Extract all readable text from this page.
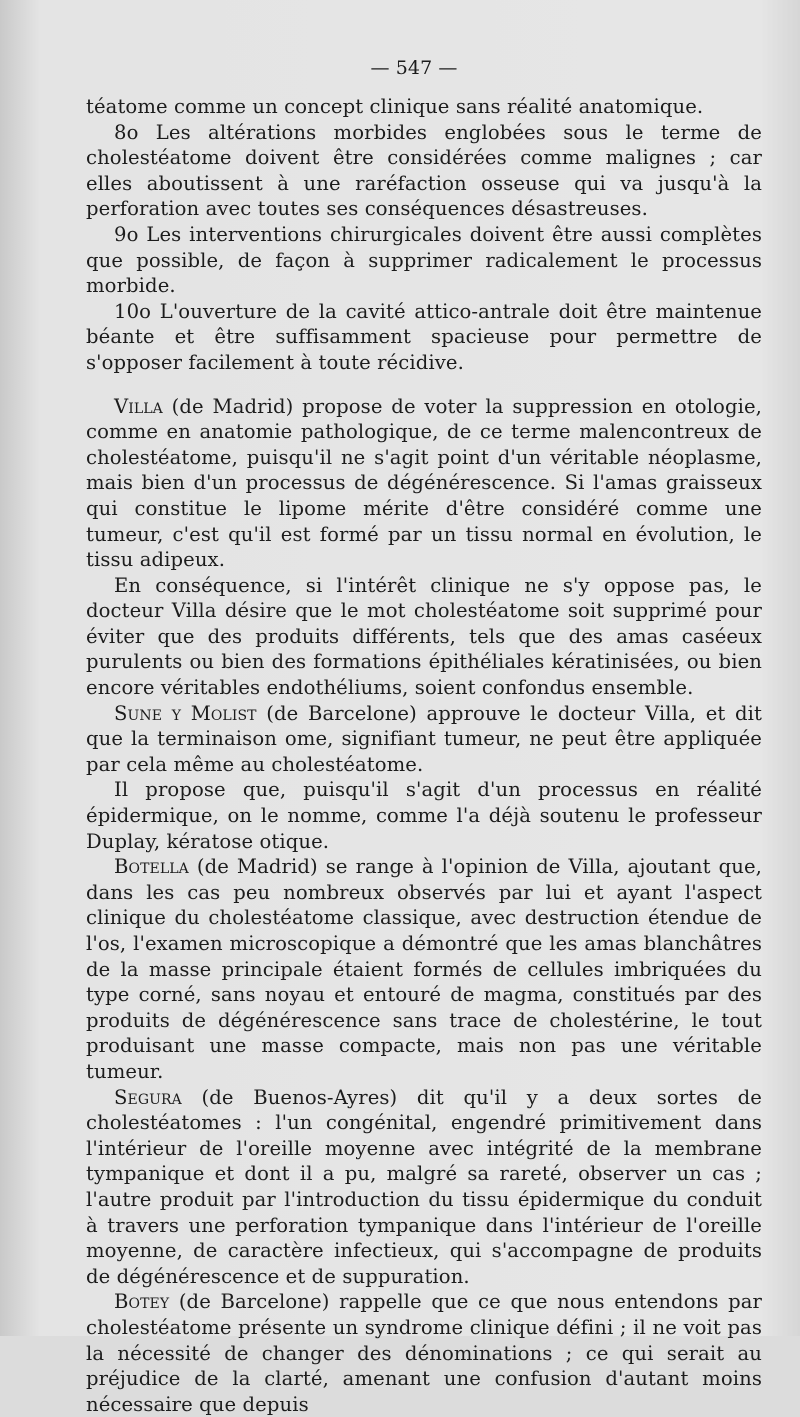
— 547 —

téatome comme un concept clinique sans réalité anatomique.

8o Les altérations morbides englobées sous le terme de cholestéatome doivent être considérées comme malignes ; car elles aboutissent à une raréfaction osseuse qui va jusqu'à la perforation avec toutes ses conséquences désastreuses.

9o Les interventions chirurgicales doivent être aussi complètes que possible, de façon à supprimer radicalement le processus morbide.

10o L'ouverture de la cavité attico-antrale doit être maintenue béante et être suffisamment spacieuse pour permettre de s'opposer facilement à toute récidive.

Villa (de Madrid) propose de voter la suppression en otologie, comme en anatomie pathologique, de ce terme malencontreux de cholestéatome, puisqu'il ne s'agit point d'un véritable néoplasme, mais bien d'un processus de dégénérescence. Si l'amas graisseux qui constitue le lipome mérite d'être considéré comme une tumeur, c'est qu'il est formé par un tissu normal en évolution, le tissu adipeux.

En conséquence, si l'intérêt clinique ne s'y oppose pas, le docteur Villa désire que le mot cholestéatome soit supprimé pour éviter que des produits différents, tels que des amas caséeux purulents ou bien des formations épithéliales kératinisées, ou bien encore véritables endothéliums, soient confondus ensemble.

Sune y Molist (de Barcelone) approuve le docteur Villa, et dit que la terminaison ome, signifiant tumeur, ne peut être appliquée par cela même au cholestéatome.

Il propose que, puisqu'il s'agit d'un processus en réalité épidermique, on le nomme, comme l'a déjà soutenu le professeur Duplay, kératose otique.

Botella (de Madrid) se range à l'opinion de Villa, ajoutant que, dans les cas peu nombreux observés par lui et ayant l'aspect clinique du cholestéatome classique, avec destruction étendue de l'os, l'examen microscopique a démontré que les amas blanchâtres de la masse principale étaient formés de cellules imbriquées du type corné, sans noyau et entouré de magma, constitués par des produits de dégénérescence sans trace de cholestérine, le tout produisant une masse compacte, mais non pas une véritable tumeur.

Segura (de Buenos-Ayres) dit qu'il y a deux sortes de cholestéatomes : l'un congénital, engendré primitivement dans l'intérieur de l'oreille moyenne avec intégrité de la membrane tympanique et dont il a pu, malgré sa rareté, observer un cas ; l'autre produit par l'introduction du tissu épidermique du conduit à travers une perforation tympanique dans l'intérieur de l'oreille moyenne, de caractère infectieux, qui s'accompagne de produits de dégénérescence et de suppuration.

Botey (de Barcelone) rappelle que ce que nous entendons par cholestéatome présente un syndrome clinique défini ; il ne voit pas la nécessité de changer des dénominations ; ce qui serait au préjudice de la clarté, amenant une confusion d'autant moins nécessaire que depuis
